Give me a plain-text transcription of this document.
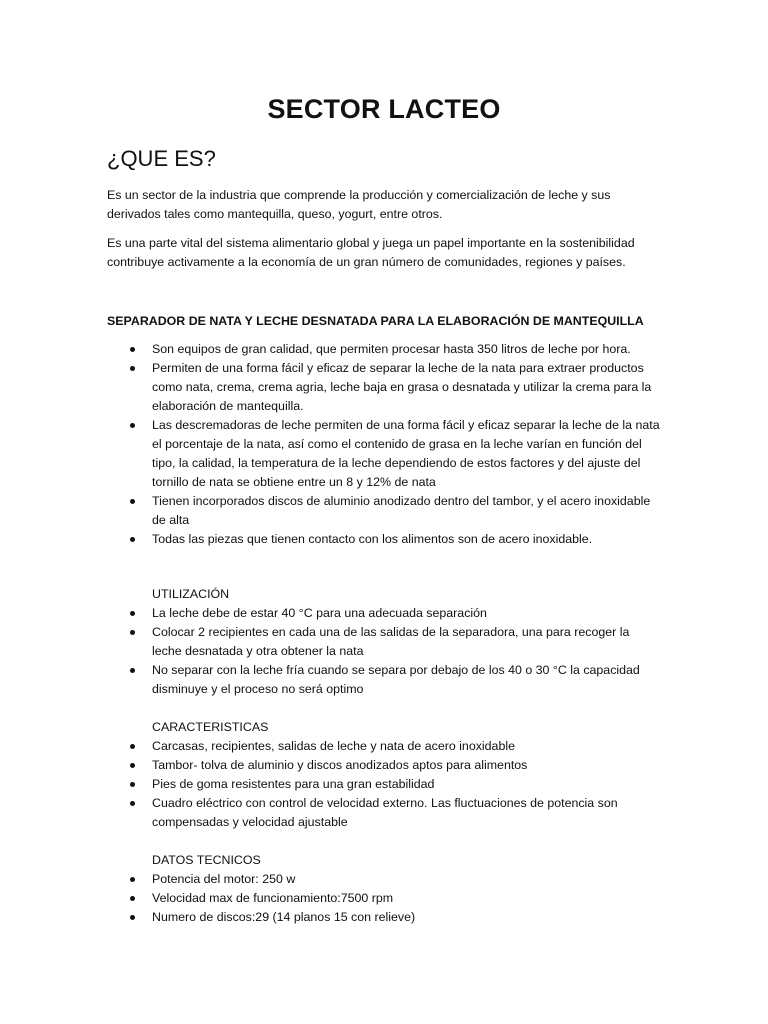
SECTOR LACTEO
¿QUE ES?
Es un sector de la industria que comprende la producción y comercialización de leche y sus derivados tales como mantequilla, queso, yogurt, entre otros.
Es una parte vital del sistema alimentario global y juega un papel importante en la sostenibilidad contribuye activamente a la economía de un gran número de comunidades, regiones y países.
SEPARADOR DE NATA Y LECHE DESNATADA PARA LA ELABORACIÓN DE MANTEQUILLA
Son equipos de gran calidad, que permiten procesar hasta 350 litros de leche por hora.
Permiten de una forma fácil y eficaz de separar la leche de la nata para extraer productos como nata, crema, crema agria, leche baja en grasa o desnatada y utilizar la crema para la elaboración de mantequilla.
Las descremadoras de leche permiten de una forma fácil y eficaz separar la leche de la nata el porcentaje de la nata, así como el contenido de grasa en la leche varían en función del tipo, la calidad, la temperatura de la leche dependiendo de estos factores y del ajuste del tornillo de nata se obtiene entre un 8 y 12% de nata
Tienen incorporados discos de aluminio anodizado dentro del tambor, y el acero inoxidable de alta
Todas las piezas que tienen contacto con los alimentos son de acero inoxidable.
UTILIZACIÓN
La leche debe de estar 40 °C para una adecuada separación
Colocar 2 recipientes en cada una de las salidas de la separadora, una para recoger la leche desnatada y otra obtener la nata
No separar con la leche fría cuando se separa por debajo de los 40 o 30 °C la capacidad disminuye y el proceso no será optimo
CARACTERISTICAS
Carcasas, recipientes, salidas de leche y nata de acero inoxidable
Tambor- tolva de aluminio y discos anodizados aptos para alimentos
Pies de goma resistentes para una gran estabilidad
Cuadro eléctrico con control de velocidad externo. Las fluctuaciones de potencia son compensadas y velocidad ajustable
DATOS TECNICOS
Potencia del motor: 250 w
Velocidad max de funcionamiento:7500 rpm
Numero de discos:29 (14 planos 15 con relieve)
